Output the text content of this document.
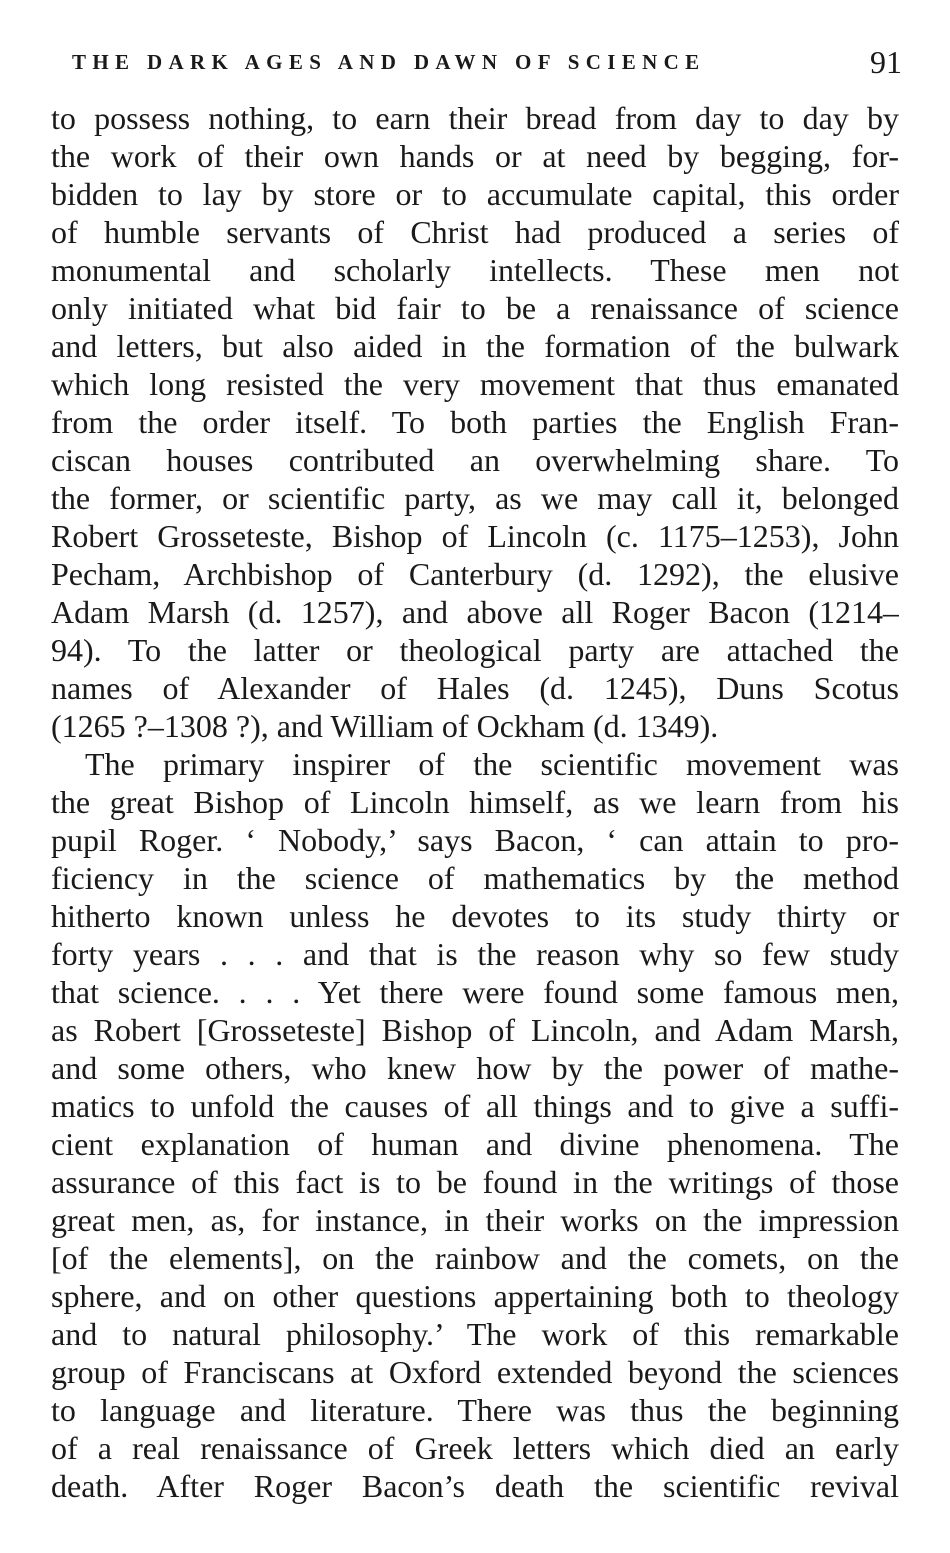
THE DARK AGES AND DAWN OF SCIENCE	91
to possess nothing, to earn their bread from day to day by
the work of their own hands or at need by begging, for-
bidden to lay by store or to accumulate capital, this order
of humble servants of Christ had produced a series of
monumental and scholarly intellects. These men not
only initiated what bid fair to be a renaissance of science
and letters, but also aided in the formation of the bulwark
which long resisted the very movement that thus emanated
from the order itself. To both parties the English Fran-
ciscan houses contributed an overwhelming share. To
the former, or scientific party, as we may call it, belonged
Robert Grosseteste, Bishop of Lincoln (c. 1175–1253), John
Pecham, Archbishop of Canterbury (d. 1292), the elusive
Adam Marsh (d. 1257), and above all Roger Bacon (1214–
94). To the latter or theological party are attached the
names of Alexander of Hales (d. 1245), Duns Scotus
(1265 ?–1308 ?), and William of Ockham (d. 1349).
The primary inspirer of the scientific movement was
the great Bishop of Lincoln himself, as we learn from his
pupil Roger. ‘ Nobody,’ says Bacon, ‘ can attain to pro-
ficiency in the science of mathematics by the method
hitherto known unless he devotes to its study thirty or
forty years . . . and that is the reason why so few study
that science. . . . Yet there were found some famous men,
as Robert [Grosseteste] Bishop of Lincoln, and Adam Marsh,
and some others, who knew how by the power of mathe-
matics to unfold the causes of all things and to give a suffi-
cient explanation of human and divine phenomena. The
assurance of this fact is to be found in the writings of those
great men, as, for instance, in their works on the impression
[of the elements], on the rainbow and the comets, on the
sphere, and on other questions appertaining both to theology
and to natural philosophy.’ The work of this remarkable
group of Franciscans at Oxford extended beyond the sciences
to language and literature. There was thus the beginning
of a real renaissance of Greek letters which died an early
death. After Roger Bacon’s death the scientific revival
